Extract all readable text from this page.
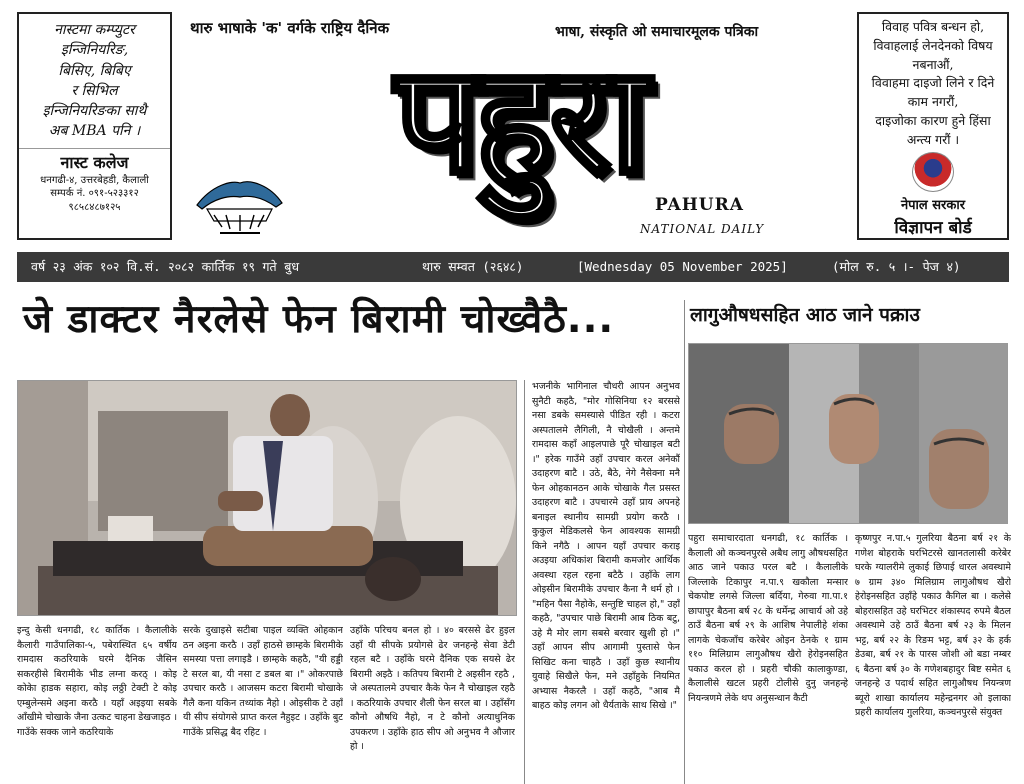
नास्टमा कम्प्युटर
इन्जिनियरिङ,
बिसिए, बिबिए
र सिभिल
इन्जिनियरिङका साथै
अब MBA पनि ।
नास्ट कलेज
धनगढी-४, उत्तरबेहडी, कैलाली
सम्पर्क नं. ०९१-५२३३१२
९८५८४८७१२५
थारु भाषाके 'क' वर्गके राष्ट्रिय दैनिक	भाषा, संस्कृति ओ समाचारमूलक पत्रिका
पहुरा PAHURA
NATIONAL DAILY
विवाह पवित्र बन्धन हो,
विवाहलाई लेनदेनको विषय
नबनाऔं,
विवाहमा दाइजो लिने र दिने
काम नगरौं,
दाइजोका कारण हुने हिंसा
अन्त्य गरौं ।
नेपाल सरकार
विज्ञापन बोर्ड
वर्ष २३ अंक १०२ वि.सं. २०८२ कार्तिक १९ गते बुध	थारु सम्वत (२६४८)	[Wednesday 05 November 2025]	(मोल रु. ५ ।- पेज ४)
जे डाक्टर नैरलेसे फेन बिरामी चोख्वैठै...	लागुऔषधसहित आठ जाने पक्राउ

इन्दु केसी धनगढी, १८ कार्तिक । कैलालीके कैलारी गाउँपालिका-५, पबेरास्थित ६५ वर्षीय रामदास कठरियाके घरमे दैनिक जैसिन सकरहीसे बिरामीके भीड लग्ना करठ् । कोइ कोकेा हाडक सहारा, कोइ लठ्ठी टेक्टी टे कोइ एम्बुलेन्समे अइना करठै । यहाँ अइइया सबके आँखीमे चोखाके जैना उत्कट चाहना डेखजाइठ । गाउँके सक्क जाने कठरियाके

सरके दुखाइसे सटीबा पाइल व्यक्ति ओहकान ठन अइना करठै । उहाँ हाठसे छाम्हके बिरामीके समस्या पत्ता लगाइडै । छाम्हके कहठै, "यी हड्डी टे सरल बा, यी नसा ट डबल बा ।" ओकरपाछे उपचार करठै । आजसम कटरा बिरामी चोखाके गैलै कना यकिन तथ्यांक नैहो । ओइसीक टे उहाँ यी सीप संयोगसे प्राप्त करल नैहुइट । उहाँके बुट गाउँके प्रसिद्ध बैद रहिट ।

उहाँके परिचय बनल हो । ४० बरससे ढेर हुइल उहाँ यी सीपके प्रयोगसे ढेर जनहन्हे सेवा डेटी रहल बटै । उहाँके घरमे दैनिक एक सयसे ढेर बिरामी अइठै । कतिपय बिरामी टे अइसीन रहठै , जे अस्पतालमे उपचार कैके फेन नै चोखाइल रहठै । कठरियाके उपचार शैली फेन सरल बा । उहाँसँग कौनो औषधि नैहो, न टे कौनो अत्याधुनिक उपकरण । उहाँके हाठ सीप ओ अनुभव नै औजार हो ।

भजनीके भागिनाल चौधरी आपन अनुभव सुनैटी कहठै, "मोर गोसिनिया १२ बरससे नसा डबके समस्यासे पीडित रही । कटरा अस्पतालमे लैगिली, नै चोखैली । अन्तमे रामदास कहाँ आइलपाछे पूरै चोखाइल बटी ।" हरेक गाउँमे उहाँ उपचार करल अनेकौं उदाहरण बाटै । उठे, बैठे, नेगे नैसेक्ना मनै फेन ओहकानठन आके चोखाके गैल प्रसस्त उदाहरण बाटै । उपचारमे उहाँ प्राय अपनहे बनाइल स्थानीय सामग्री प्रयोग करठै । कुकुल मेडिकलसे फेन आवश्यक सामग्री किने नगैठै । आपन यहाँ उपचार कराइ अउइया अधिकांश बिरामी कमजोर आर्थिक अवस्था रहल रहना बटैठै । उहाँके लाग ओइसीन बिरामीके उपचार कैना नै धर्म हो । "महिन पैसा नैहोके, सन्तुष्टि चाहल हो," उहाँ कहठै, "उपचार पाछे बिरामी आब ठिक बटु, उहे मै मोर लाग सबसे बरवार खुशी हो ।" उहाँ आपन सीप आगामी पुस्तासे फेन सिखिट कना चाहठै । उहाँ कुछ स्थानीय युवाहे सिखैले फेन, मने उहाँहुके नियमित अभ्यास नैकरलै । उहाँ कहठै, "आब मै बाहठ कोइ लगन ओ धैर्यताके साथ सिखे ।"

पहुरा समाचारदाता धनगढी, १८ कार्तिक । कैलाली ओ कञ्चनपुरसे अबैध लागु औषधसहित आठ जाने पकाउ परल बटै । कैलालीके जिल्लाके टिकापुर न.पा.९ खकौला मन्सार चेकपोष्ट लगसे जिल्ला बर्दिया, गेरुवा गा.पा.१ छापापुर बैठना बर्ष २८ के धर्मेन्द्र आचार्य ओ उहे ठाउँ बैठना बर्ष २९ के आशिष नेपालीहे शंका लागके चेकजाँच करेबेर ओइन ठेनके १ ग्राम ११० मिलिग्राम लागुऔषध खैरो हेरोइनसहित पकाउ करल हो । प्रहरी चौकी कालाकुण्डा, कैलालीसे खटल प्रहरी टोलीसे दुनु जनहन्हे नियन्त्रणमे लेके थप अनुसन्धान कैटी

कृष्णपुर न.पा.५ गुलरिया बैठना बर्ष २१ के गणेश बोहराके घरभिटरसे खानतलासी करेबेर घरके ग्यालरीमे लुकाई छिपाई धारल अवस्थामे ७ ग्राम ३४० मिलिग्राम लागुऔषध खैरो हेरोइनसहित उहाँहे पकाउ कैगिल बा । कलेसे बोहरासहित उहे घरभिटर शंकास्पद रुपमे बैठल अवस्थामे उहे ठाउँ बैठना बर्ष २३ के मिलन भट्ट, बर्ष २२ के रिङम भट्ट, बर्ष ३२ के हर्क डेउबा, बर्ष २१ के पारस जोशी ओ बडा नम्बर ६ बैठना बर्ष ३० के गणेशबहादुर बिष्ट समेत ६ जनहन्हे उ पदार्थ सहित लागुऔषध नियन्त्रण ब्यूरो शाखा कार्यालय महेन्द्रनगर ओ इलाका प्रहरी कार्यालय गुलरिया, कञ्चनपुरसे संयुक्त
